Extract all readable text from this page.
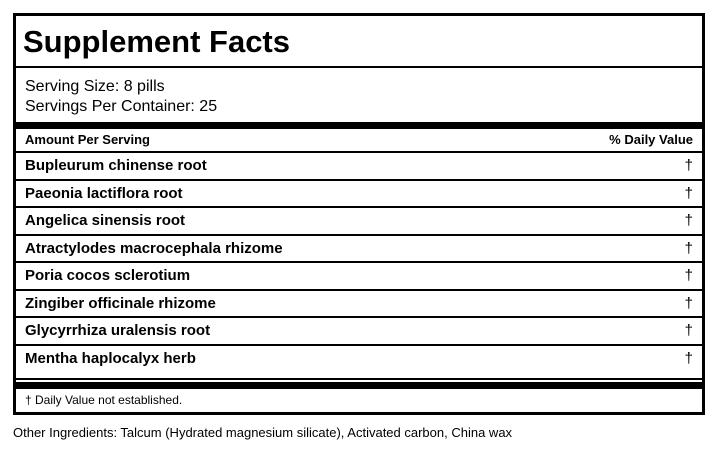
Supplement Facts
Serving Size: 8 pills
Servings Per Container: 25
Amount Per Serving	% Daily Value
Bupleurum chinense root	†
Paeonia lactiflora root	†
Angelica sinensis root	†
Atractylodes macrocephala rhizome	†
Poria cocos sclerotium	†
Zingiber officinale rhizome	†
Glycyrrhiza uralensis root	†
Mentha haplocalyx herb	†
† Daily Value not established.
Other Ingredients: Talcum (Hydrated magnesium silicate), Activated carbon, China wax
